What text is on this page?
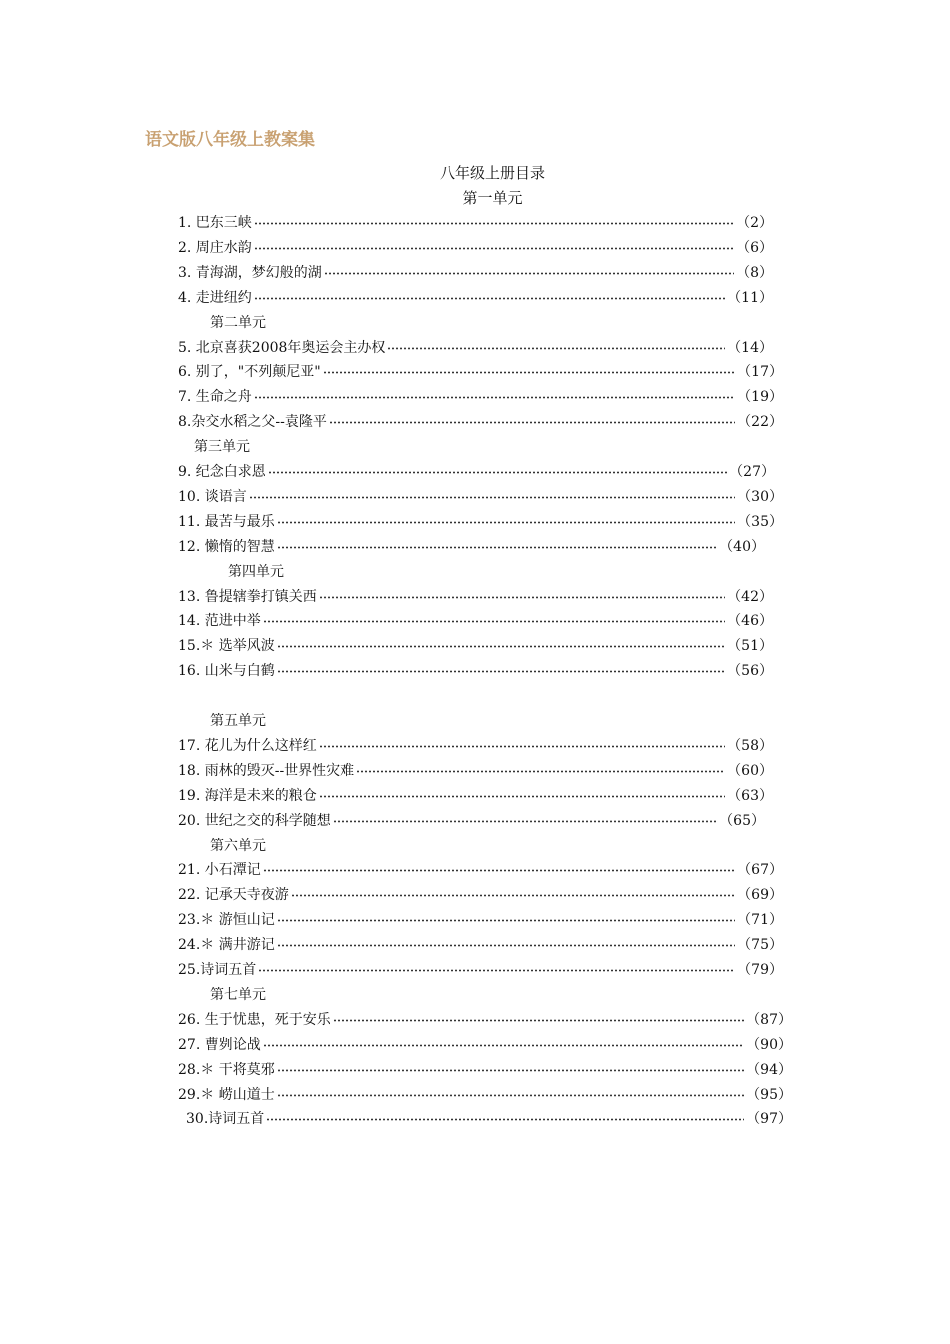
语文版八年级上教案集
八年级上册目录
第一单元
1. 巴东三峡	（2）
2. 周庄水韵	（6）
3. 青海湖，梦幻般的湖	（8）
4. 走进纽约	（11）
第二单元
5. 北京喜获2008年奥运会主办权	（14）
6. 别了，"不列颠尼亚"	（17）
7. 生命之舟	（19）
8.杂交水稻之父--袁隆平	（22）
第三单元
9. 纪念白求恩	（27）
10. 谈语言	（30）
11. 最苦与最乐	（35）
12. 懒惰的智慧	（40）
第四单元
13. 鲁提辖拳打镇关西	（42）
14. 范进中举	（46）
15.＊ 选举风波	（51）
16. 山米与白鹤	（56）
第五单元
17. 花儿为什么这样红	（58）
18. 雨林的毁灭--世界性灾难	（60）
19. 海洋是未来的粮仓	（63）
20. 世纪之交的科学随想	（65）
第六单元
21. 小石潭记	（67）
22. 记承天寺夜游	（69）
23.＊ 游恒山记	（71）
24.＊ 满井游记	（75）
25.诗词五首	（79）
第七单元
26. 生于忧患，死于安乐	（87）
27. 曹刿论战	（90）
28.＊ 干将莫邪	（94）
29.＊ 崂山道士	（95）
30.诗词五首	（97）
